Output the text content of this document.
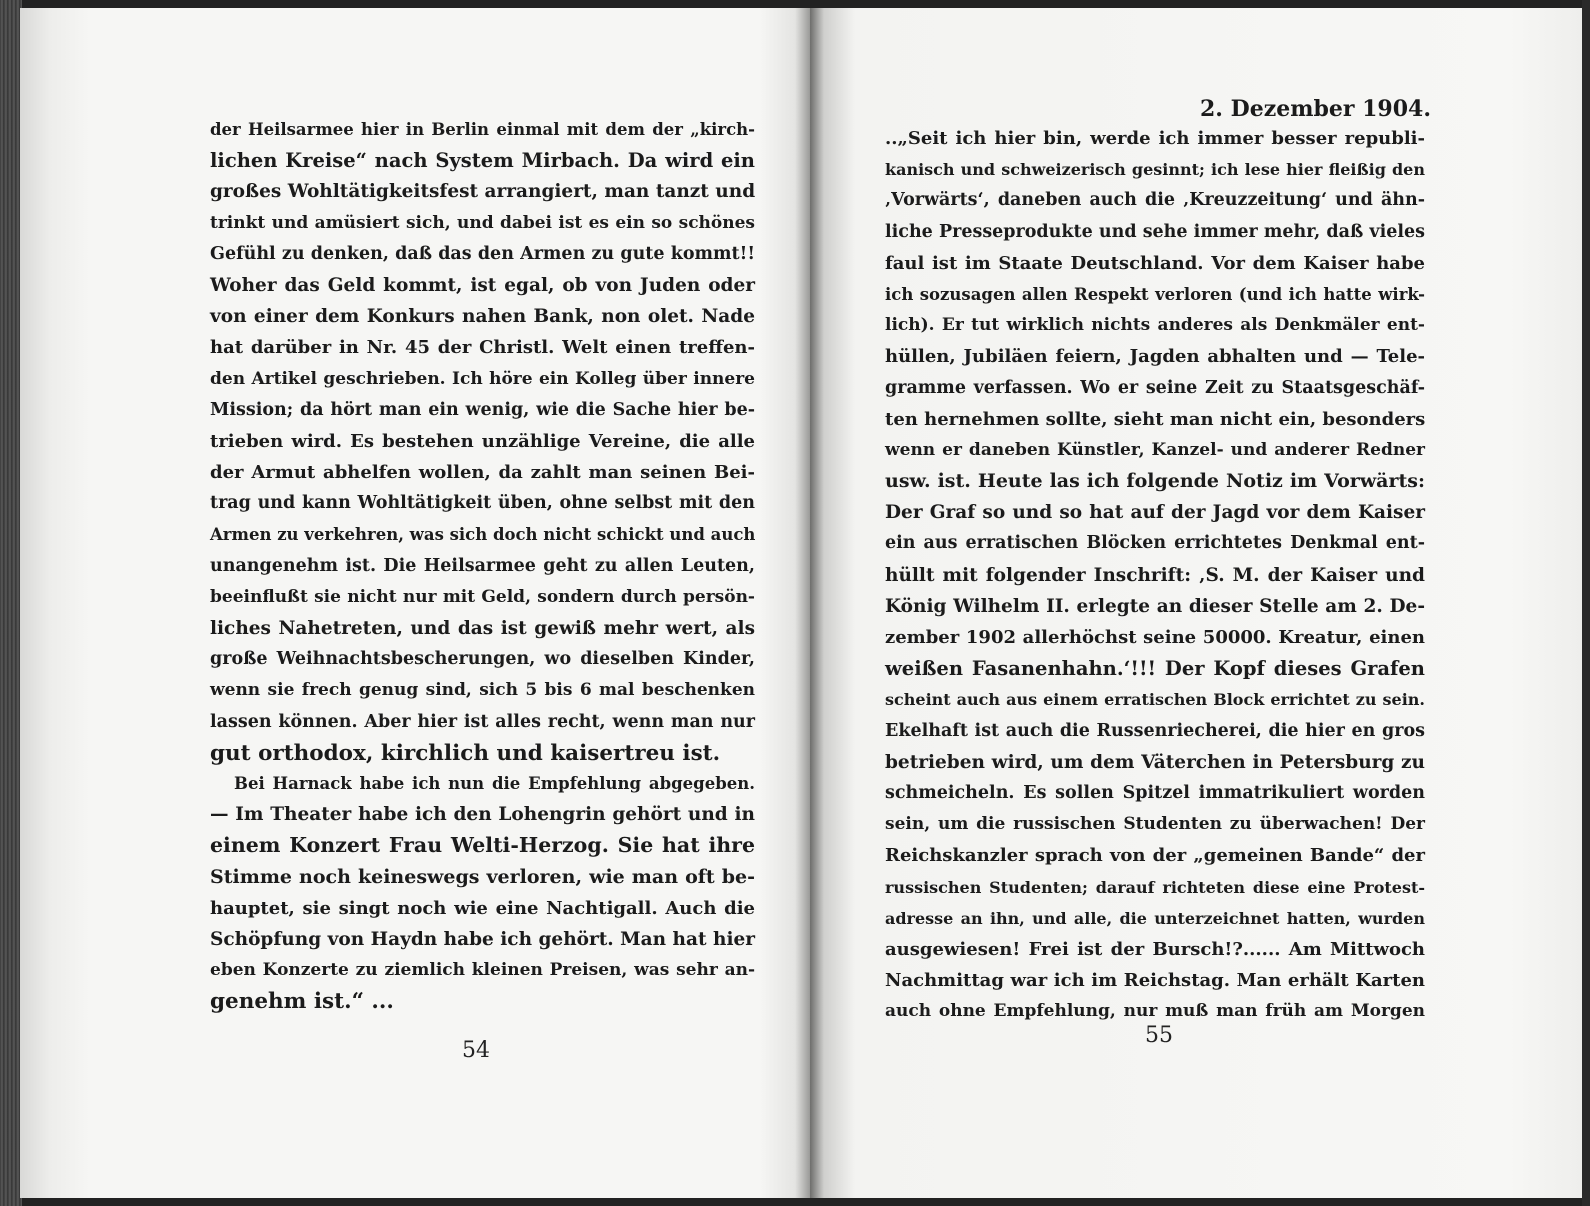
der Heilsarmee hier in Berlin einmal mit dem der „kirch-
lichen Kreise“ nach System Mirbach. Da wird ein
großes Wohltätigkeitsfest arrangiert, man tanzt und
trinkt und amüsiert sich, und dabei ist es ein so schönes
Gefühl zu denken, daß das den Armen zu gute kommt!!
Woher das Geld kommt, ist egal, ob von Juden oder
von einer dem Konkurs nahen Bank, non olet. Nade
hat darüber in Nr. 45 der Christl. Welt einen treffen-
den Artikel geschrieben. Ich höre ein Kolleg über innere
Mission; da hört man ein wenig, wie die Sache hier be-
trieben wird. Es bestehen unzählige Vereine, die alle
der Armut abhelfen wollen, da zahlt man seinen Bei-
trag und kann Wohltätigkeit üben, ohne selbst mit den
Armen zu verkehren, was sich doch nicht schickt und auch
unangenehm ist. Die Heilsarmee geht zu allen Leuten,
beeinflußt sie nicht nur mit Geld, sondern durch persön-
liches Nahetreten, und das ist gewiß mehr wert, als
große Weihnachtsbescherungen, wo dieselben Kinder,
wenn sie frech genug sind, sich 5 bis 6 mal beschenken
lassen können. Aber hier ist alles recht, wenn man nur
gut orthodox, kirchlich und kaisertreu ist.
Bei Harnack habe ich nun die Empfehlung abgegeben.
— Im Theater habe ich den Lohengrin gehört und in
einem Konzert Frau Welti-Herzog. Sie hat ihre
Stimme noch keineswegs verloren, wie man oft be-
hauptet, sie singt noch wie eine Nachtigall. Auch die
Schöpfung von Haydn habe ich gehört. Man hat hier
eben Konzerte zu ziemlich kleinen Preisen, was sehr an-
genehm ist.“ ...
54
2. Dezember 1904.
..„Seit ich hier bin, werde ich immer besser republi-
kanisch und schweizerisch gesinnt; ich lese hier fleißig den
‚Vorwärts‘, daneben auch die ‚Kreuzzeitung‘ und ähn-
liche Presseprodukte und sehe immer mehr, daß vieles
faul ist im Staate Deutschland. Vor dem Kaiser habe
ich sozusagen allen Respekt verloren (und ich hatte wirk-
lich). Er tut wirklich nichts anderes als Denkmäler ent-
hüllen, Jubiläen feiern, Jagden abhalten und — Tele-
gramme verfassen. Wo er seine Zeit zu Staatsgeschäf-
ten hernehmen sollte, sieht man nicht ein, besonders
wenn er daneben Künstler, Kanzel- und anderer Redner
usw. ist. Heute las ich folgende Notiz im Vorwärts:
Der Graf so und so hat auf der Jagd vor dem Kaiser
ein aus erratischen Blöcken errichtetes Denkmal ent-
hüllt mit folgender Inschrift: ‚S. M. der Kaiser und
König Wilhelm II. erlegte an dieser Stelle am 2. De-
zember 1902 allerhöchst seine 50000. Kreatur, einen
weißen Fasanenhahn.‘!!! Der Kopf dieses Grafen
scheint auch aus einem erratischen Block errichtet zu sein.
Ekelhaft ist auch die Russenriecherei, die hier en gros
betrieben wird, um dem Väterchen in Petersburg zu
schmeicheln. Es sollen Spitzel immatrikuliert worden
sein, um die russischen Studenten zu überwachen! Der
Reichskanzler sprach von der „gemeinen Bande“ der
russischen Studenten; darauf richteten diese eine Protest-
adresse an ihn, und alle, die unterzeichnet hatten, wurden
ausgewiesen! Frei ist der Bursch!?...... Am Mittwoch
Nachmittag war ich im Reichstag. Man erhält Karten
auch ohne Empfehlung, nur muß man früh am Morgen
55
